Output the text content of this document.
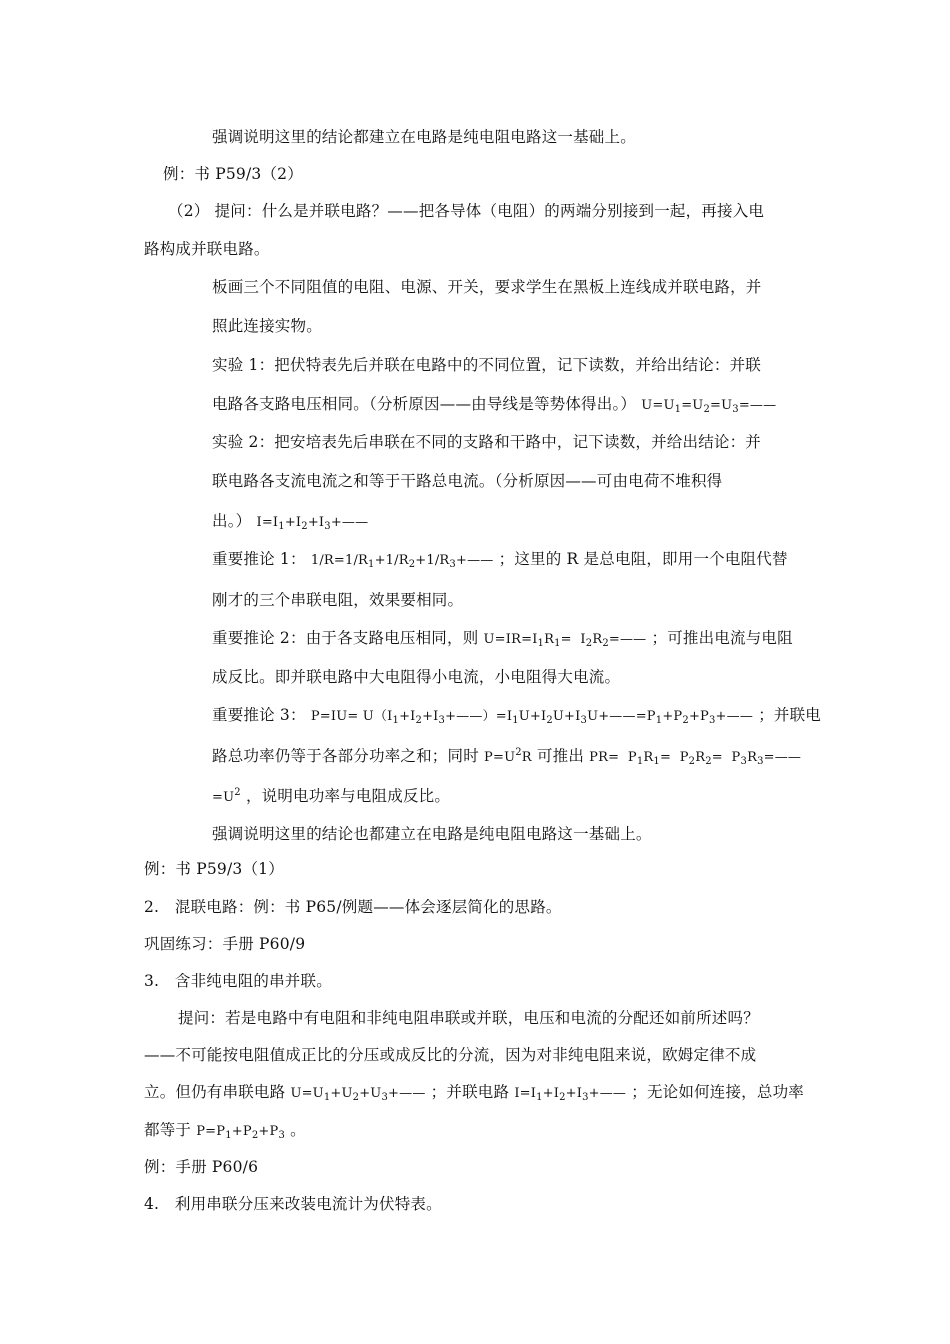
强调说明这里的结论都建立在电路是纯电阻电路这一基础上。
例：书 P59/3（2）
（2） 提问：什么是并联电路？——把各导体（电阻）的两端分别接到一起，再接入电
路构成并联电路。
板画三个不同阻值的电阻、电源、开关，要求学生在黑板上连线成并联电路，并
照此连接实物。
实验 1：把伏特表先后并联在电路中的不同位置，记下读数，并给出结论：并联
电路各支路电压相同。（分析原因——由导线是等势体得出。） $U=U_1=U_2=U_3=——$
实验 2：把安培表先后串联在不同的支路和干路中，记下读数，并给出结论：并
联电路各支流电流之和等于干路总电流。（分析原因——可由电荷不堆积得
出。） $I=I_1+I_2+I_3+——$
重要推论 1： $1/R=1/R_1+1/R_2+1/R_3+——$ ；这里的 R 是总电阻，即用一个电阻代替
刚才的三个串联电阻，效果要相同。
重要推论 2：由于各支路电压相同，则 $U=IR=I_1R_1=$  $I_2R_2=——$ ；可推出电流与电阻
成反比。即并联电路中大电阻得小电流，小电阻得大电流。
重要推论 3： $P=IU= U(I_1+I_2+I_3+——)=I_1U+I_2U+I_3U+——=P_1+P_2+P_3+——$ ；并联电
路总功率仍等于各部分功率之和；同时 $P=U^2R$ 可推出 $PR= P_1R_1= P_2R_2=$  $P_3R_3=——$
$=U^2$ ，说明电功率与电阻成反比。
强调说明这里的结论也都建立在电路是纯电阻电路这一基础上。
例：书 P59/3（1）
2.　混联电路：例：书 P65/例题——体会逐层简化的思路。
巩固练习：手册 P60/9
3.　含非纯电阻的串并联。
提问：若是电路中有电阻和非纯电阻串联或并联，电压和电流的分配还如前所述吗？
——不可能按电阻值成正比的分压或成反比的分流，因为对非纯电阻来说，欧姆定律不成
立。但仍有串联电路 $U=U_1+U_2+U_3+——$ ；并联电路 $I=I_1+I_2+I_3+——$ ；无论如何连接，总功率
都等于 $P=P_1+P_2+P_3$ 。
例：手册 P60/6
4.　利用串联分压来改装电流计为伏特表。
